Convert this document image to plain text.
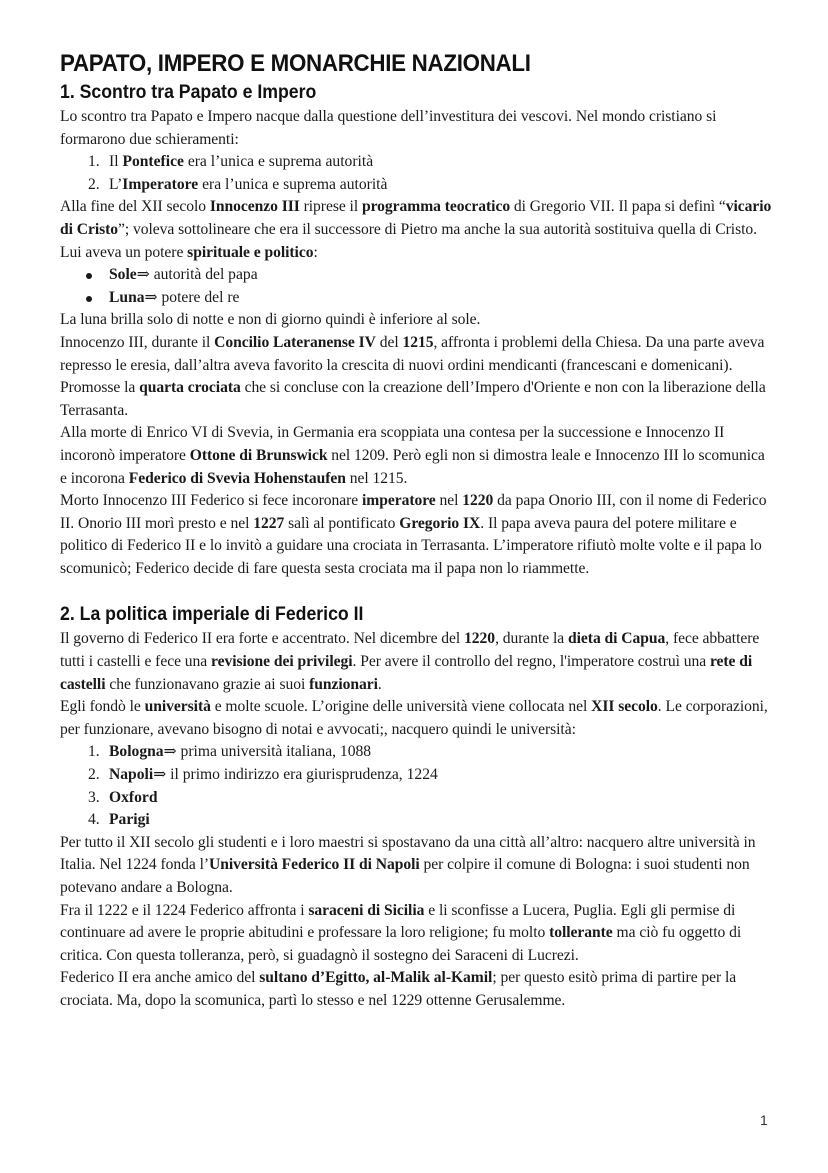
PAPATO, IMPERO E MONARCHIE NAZIONALI
1. Scontro tra Papato e Impero

Lo scontro tra Papato e Impero nacque dalla questione dell’investitura dei vescovi. Nel mondo cristiano si formarono due schieramenti:

1. Il Pontefice era l’unica e suprema autorità
2. L’Imperatore era l’unica e suprema autorità

Alla fine del XII secolo Innocenzo III riprese il programma teocratico di Gregorio VII. Il papa si definì “vicario di Cristo”; voleva sottolineare che era il successore di Pietro ma anche la sua autorità sostituiva quella di Cristo.

Lui aveva un potere spirituale e politico:

Sole⇒ autorità del papa
Luna⇒ potere del re

La luna brilla solo di notte e non di giorno quindi è inferiore al sole.

Innocenzo III, durante il Concilio Lateranense IV del 1215, affronta i problemi della Chiesa. Da una parte aveva represso le eresia, dall’altra aveva favorito la crescita di nuovi ordini mendicanti (francescani e domenicani). Promosse la quarta crociata che si concluse con la creazione dell’Impero d'Oriente e non con la liberazione della Terrasanta.

Alla morte di Enrico VI di Svevia, in Germania era scoppiata una contesa per la successione e Innocenzo II incoronò imperatore Ottone di Brunswick nel 1209. Però egli non si dimostra leale e Innocenzo III lo scomunica e incorona Federico di Svevia Hohenstaufen nel 1215.

Morto Innocenzo III Federico si fece incoronare imperatore nel 1220 da papa Onorio III, con il nome di Federico II. Onorio III morì presto e nel 1227 salì al pontificato Gregorio IX. Il papa aveva paura del potere militare e politico di Federico II e lo invitò a guidare una crociata in Terrasanta. L’imperatore rifiutò molte volte e il papa lo scomunicò; Federico decide di fare questa sesta crociata ma il papa non lo riammette.

2. La politica imperiale di Federico II

Il governo di Federico II era forte e accentrato. Nel dicembre del 1220, durante la dieta di Capua, fece abbattere tutti i castelli e fece una revisione dei privilegi. Per avere il controllo del regno, l'imperatore costruì una rete di castelli che funzionavano grazie ai suoi funzionari.

Egli fondò le università e molte scuole. L’origine delle università viene collocata nel XII secolo. Le corporazioni, per funzionare, avevano bisogno di notai e avvocati;, nacquero quindi le università:

1. Bologna⇒ prima università italiana, 1088
2. Napoli⇒ il primo indirizzo era giurisprudenza, 1224
3. Oxford
4. Parigi

Per tutto il XII secolo gli studenti e i loro maestri si spostavano da una città all’altro: nacquero altre università in Italia. Nel 1224 fonda l’Università Federico II di Napoli per colpire il comune di Bologna: i suoi studenti non potevano andare a Bologna.

Fra il 1222 e il 1224 Federico affronta i saraceni di Sicilia e li sconfisse a Lucera, Puglia. Egli gli permise di continuare ad avere le proprie abitudini e professare la loro religione; fu molto tollerante ma ciò fu oggetto di critica. Con questa tolleranza, però, si guadagnò il sostegno dei Saraceni di Lucrezi.

Federico II era anche amico del sultano d’Egitto, al-Malik al-Kamil; per questo esitò prima di partire per la crociata. Ma, dopo la scomunica, partì lo stesso e nel 1229 ottenne Gerusalemme.

1
